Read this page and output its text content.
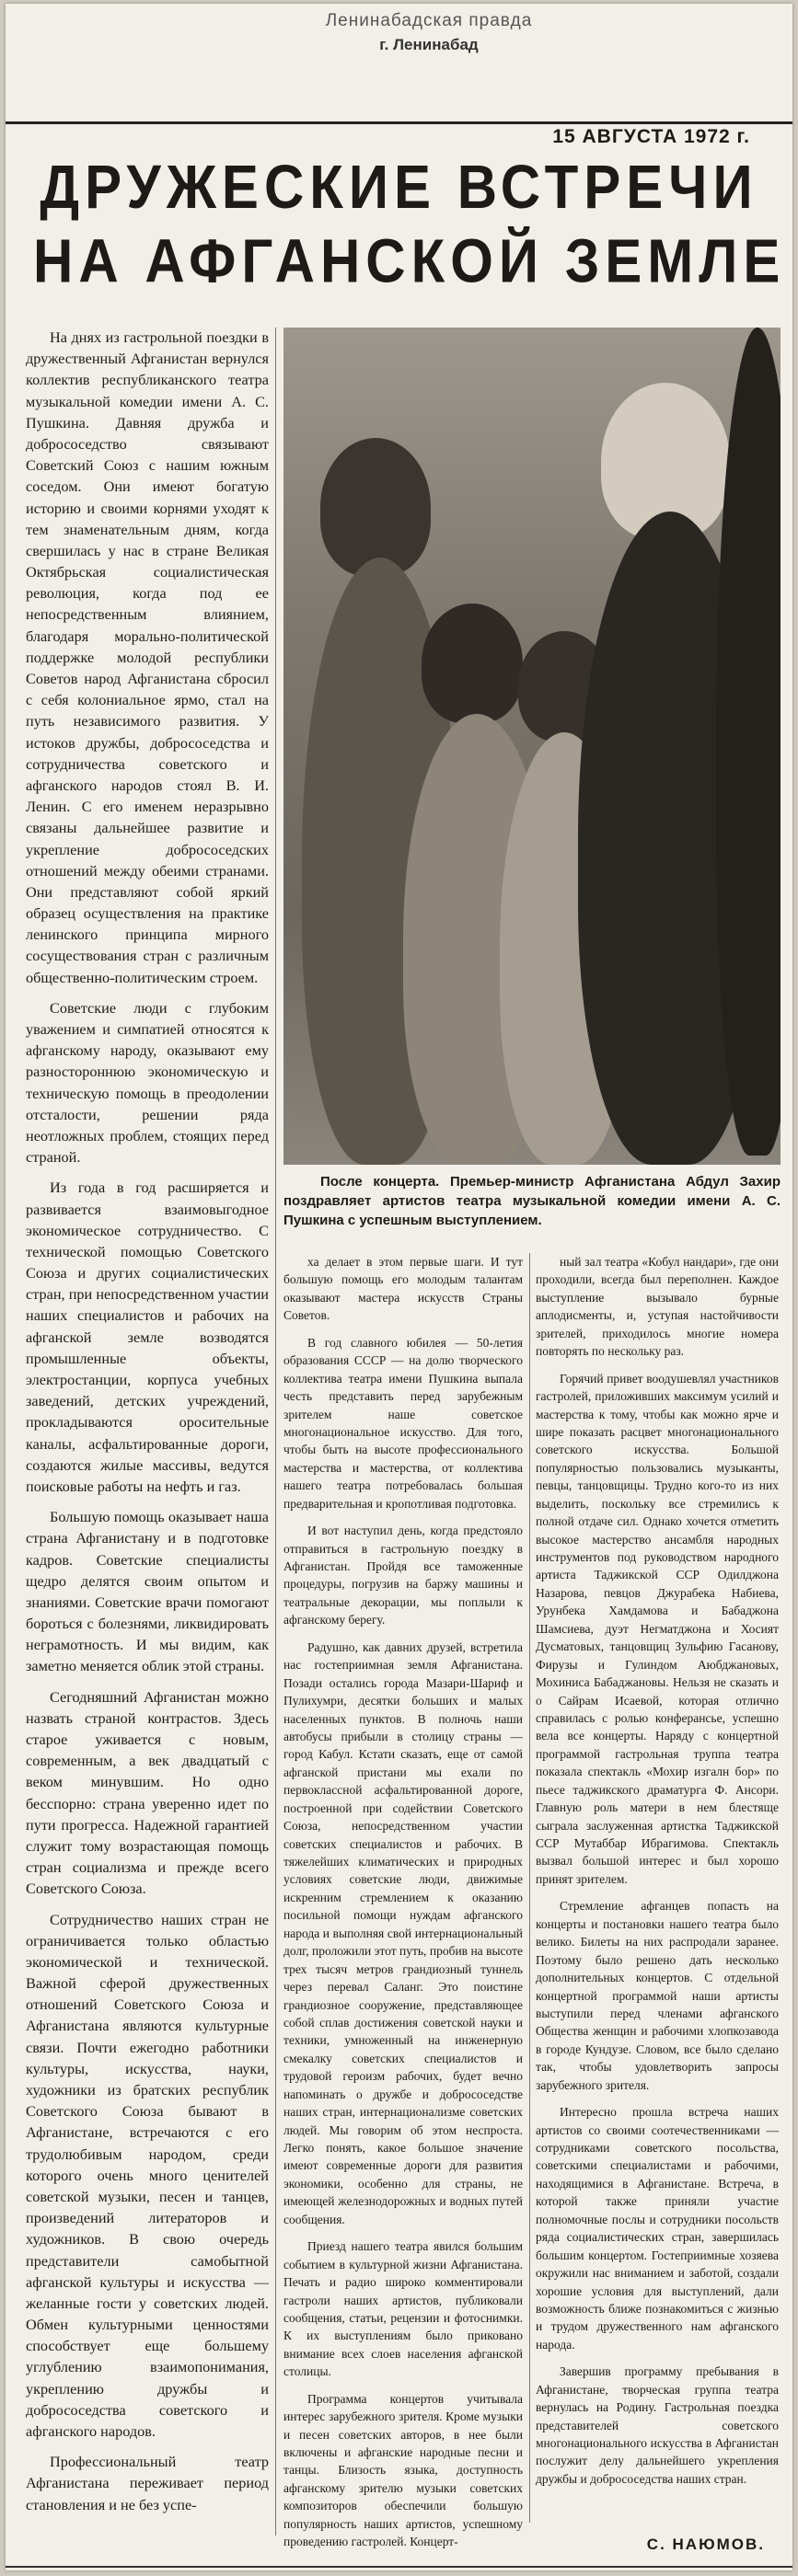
Ленинабадская правда
г. Ленинабад
15 АВГУСТА 1972 г.
ДРУЖЕСКИЕ ВСТРЕЧИ
НА АФГАНСКОЙ ЗЕМЛЕ

На днях из гастрольной поездки в дружественный Афганистан вернулся коллектив республиканского театра музыкальной комедии имени А. С. Пушкина. Давняя дружба и добрососедство связывают Советский Союз с нашим южным соседом. Они имеют богатую историю и своими корнями уходят к тем знаменательным дням, когда свершилась у нас в стране Великая Октябрьская социалистическая революция, когда под ее непосредственным влиянием, благодаря морально-политической поддержке молодой республики Советов народ Афганистана сбросил с себя колониальное ярмо, стал на путь независимого развития. У истоков дружбы, добрососедства и сотрудничества советского и афганского народов стоял В. И. Ленин. С его именем неразрывно связаны дальнейшее развитие и укрепление добрососедских отношений между обеими странами. Они представляют собой яркий образец осуществления на практике ленинского принципа мирного сосуществования стран с различным общественно-политическим строем.

Советские люди с глубоким уважением и симпатией относятся к афганскому народу, оказывают ему разностороннюю экономическую и техническую помощь в преодолении отсталости, решении ряда неотложных проблем, стоящих перед страной.

Из года в год расширяется и развивается взаимовыгодное экономическое сотрудничество. С технической помощью Советского Союза и других социалистических стран, при непосредственном участии наших специалистов и рабочих на афганской земле возводятся промышленные объекты, электростанции, корпуса учебных заведений, детских учреждений, прокладываются оросительные каналы, асфальтированные дороги, создаются жилые массивы, ведутся поисковые работы на нефть и газ.

Большую помощь оказывает наша страна Афганистану и в подготовке кадров. Советские специалисты щедро делятся своим опытом и знаниями. Советские врачи помогают бороться с болезнями, ликвидировать неграмотность. И мы видим, как заметно меняется облик этой страны.

Сегодняшний Афганистан можно назвать страной контрастов. Здесь старое уживается с новым, современным, а век двадцатый с веком минувшим. Но одно бесспорно: страна уверенно идет по пути прогресса. Надежной гарантией служит тому возрастающая помощь стран социализма и прежде всего Советского Союза.

Сотрудничество наших стран не ограничивается только областью экономической и технической. Важной сферой дружественных отношений Советского Союза и Афганистана являются культурные связи. Почти ежегодно работники культуры, искусства, науки, художники из братских республик Советского Союза бывают в Афганистане, встречаются с его трудолюбивым народом, среди которого очень много ценителей советской музыки, песен и танцев, произведений литераторов и художников. В свою очередь представители самобытной афганской культуры и искусства — желанные гости у советских людей. Обмен культурными ценностями способствует еще большему углублению взаимопонимания, укреплению дружбы и добрососедства советского и афганского народов.

Профессиональный театр Афганистана переживает период становления и не без успе-

После концерта. Премьер-министр Афганистана Абдул Захир поздравляет артистов театра музыкальной комедии имени А. С. Пушкина с успешным выступлением.

ха делает в этом первые шаги. И тут большую помощь его молодым талантам оказывают мастера искусств Страны Советов.

В год славного юбилея — 50-летия образования СССР — на долю творческого коллектива театра имени Пушкина выпала честь представить перед зарубежным зрителем наше советское многонациональное искусство. Для того, чтобы быть на высоте профессионального мастерства и мастерства, от коллектива нашего театра потребовалась большая предварительная и кропотливая подготовка.

И вот наступил день, когда предстояло отправиться в гастрольную поездку в Афганистан. Пройдя все таможенные процедуры, погрузив на баржу машины и театральные декорации, мы поплыли к афганскому берегу.

Радушно, как давних друзей, встретила нас гостеприимная земля Афганистана. Позади остались города Мазари-Шариф и Пулихумри, десятки больших и малых населенных пунктов. В полночь наши автобусы прибыли в столицу страны — город Кабул. Кстати сказать, еще от самой афганской пристани мы ехали по первоклассной асфальтированной дороге, построенной при содействии Советского Союза, непосредственном участии советских специалистов и рабочих. В тяжелейших климатических и природных условиях советские люди, движимые искренним стремлением к оказанию посильной помощи нуждам афганского народа и выполняя свой интернациональный долг, проложили этот путь, пробив на высоте трех тысяч метров грандиозный туннель через перевал Саланг. Это поистине грандиозное сооружение, представляющее собой сплав достижения советской науки и техники, умноженный на инженерную смекалку советских специалистов и трудовой героизм рабочих, будет вечно напоминать о дружбе и добрососедстве наших стран, интернационализме советских людей. Мы говорим об этом неспроста. Легко понять, какое большое значение имеют современные дороги для развития экономики, особенно для страны, не имеющей железнодорожных и водных путей сообщения.

Приезд нашего театра явился большим событием в культурной жизни Афганистана. Печать и радио широко комментировали гастроли наших артистов, публиковали сообщения, статьи, рецензии и фотоснимки. К их выступлениям было приковано внимание всех слоев населения афганской столицы.

Программа концертов учитывала интерес зарубежного зрителя. Кроме музыки и песен советских авторов, в нее были включены и афганские народные песни и танцы. Близость языка, доступность афганскому зрителю музыки советских композиторов обеспечили большую популярность наших артистов, успешному проведению гастролей. Концерт-

ный зал театра «Кобул нандари», где они проходили, всегда был переполнен. Каждое выступление вызывало бурные аплодисменты, и, уступая настойчивости зрителей, приходилось многие номера повторять по нескольку раз.

Горячий привет воодушевлял участников гастролей, приложивших максимум усилий и мастерства к тому, чтобы как можно ярче и шире показать расцвет многонационального советского искусства. Большой популярностью пользовались музыканты, певцы, танцовщицы. Трудно кого-то из них выделить, поскольку все стремились к полной отдаче сил. Однако хочется отметить высокое мастерство ансамбля народных инструментов под руководством народного артиста Таджикской ССР Одилджона Назарова, певцов Джурабека Набиева, Урунбека Хамдамова и Бабаджона Шамсиева, дуэт Негматджона и Хосият Дусматовых, танцовщиц Зульфию Гасанову, Фирузы и Гулиндом Аюбджановых, Мохиниса Бабаджановы. Нельзя не сказать и о Сайрам Исаевой, которая отлично справилась с ролью конферансье, успешно вела все концерты. Наряду с концертной программой гастрольная труппа театра показала спектакль «Мохир изгалн бор» по пьесе таджикского драматурга Ф. Ансори. Главную роль матери в нем блестяще сыграла заслуженная артистка Таджикской ССР Мутаббар Ибрагимова. Спектакль вызвал большой интерес и был хорошо принят зрителем.

Стремление афганцев попасть на концерты и постановки нашего театра было велико. Билеты на них распродали заранее. Поэтому было решено дать несколько дополнительных концертов. С отдельной концертной программой наши артисты выступили перед членами афганского Общества женщин и рабочими хлопкозавода в городе Кундузе. Словом, все было сделано так, чтобы удовлетворить запросы зарубежного зрителя.

Интересно прошла встреча наших артистов со своими соотечественниками — сотрудниками советского посольства, советскими специалистами и рабочими, находящимися в Афганистане. Встреча, в которой также приняли участие полномочные послы и сотрудники посольств ряда социалистических стран, завершилась большим концертом. Гостеприимные хозяева окружили нас вниманием и заботой, создали хорошие условия для выступлений, дали возможность ближе познакомиться с жизнью и трудом дружественного нам афганского народа.

Завершив программу пребывания в Афганистане, творческая группа театра вернулась на Родину. Гастрольная поездка представителей советского многонационального искусства в Афганистан послужит делу дальнейшего укрепления дружбы и добрососедства наших стран.

С. НАЮМОВ.
